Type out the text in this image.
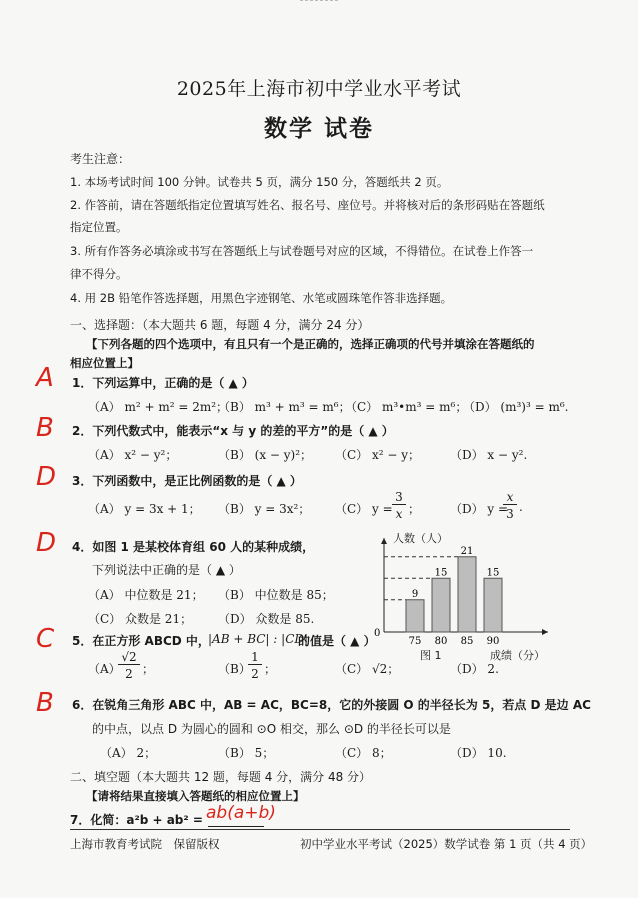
2025年上海市初中学业水平考试
数学 试卷
考生注意：
1. 本场考试时间 100 分钟。试卷共 5 页，满分 150 分，答题纸共 2 页。
2. 作答前，请在答题纸指定位置填写姓名、报名号、座位号。并将核对后的条形码贴在答题纸
指定位置。
3. 所有作答务必填涂或书写在答题纸上与试卷题号对应的区域，不得错位。在试卷上作答一
律不得分。
4. 用 2B 铅笔作答选择题，用黑色字迹钢笔、水笔或圆珠笔作答非选择题。
一、选择题：（本大题共 6 题，每题 4 分，满分 24 分）
【下列各题的四个选项中，有且只有一个是正确的，选择正确项的代号并填涂在答题纸的
相应位置上】
A 1．下列运算中，正确的是（ ▲ ）
（A） m² + m² = 2m²；
（B） m³ + m³ = m⁶；
（C） m³•m³ = m⁶；
（D） (m³)³ = m⁶.
B 2．下列代数式中，能表示“x 与 y 的差的平方”的是（ ▲ ）
（A） x² − y²；	（B） (x − y)²； （C） x² − y； （D） x − y².
D 3．下列函数中，是正比例函数的是（ ▲ ）
（A） y = 3x + 1； （B） y = 3x²； （C） y =
3
x ； （D） y =
x
3 .
D 4．如图 1 是某校体育组 60 人的某种成绩，
下列说法中正确的是（ ▲ ）
（A） 中位数是 21； （B） 中位数是 85；
（C） 众数是 21； （D） 众数是 85.
0
9
75
15
80
21
85
15
90
人数（人）
图 1	成绩（分）
C 5．在正方形 ABCD 中，
|AB + BC| : |CD|
的值是（ ▲ ）
（A）
√2
2 ；	（B）
1
2 ；	（C） √2；	（D） 2.
B 6．在锐角三角形 ABC 中，AB = AC，BC=8，它的外接圆 O 的半径长为 5，若点 D 是边 AC
的中点，以点 D 为圆心的圆和 ⊙O 相交，那么 ⊙D 的半径长可以是
（A） 2；	（B） 5；	（C） 8；	（D） 10.
二、填空题（本大题共 12 题，每题 4 分，满分 48 分）
【请将结果直接填入答题纸的相应位置上】
7．化简：a²b + ab² = ab(a+b)
上海市教育考试院　保留版权	初中学业水平考试（2025）数学试卷 第 1 页（共 4 页）
